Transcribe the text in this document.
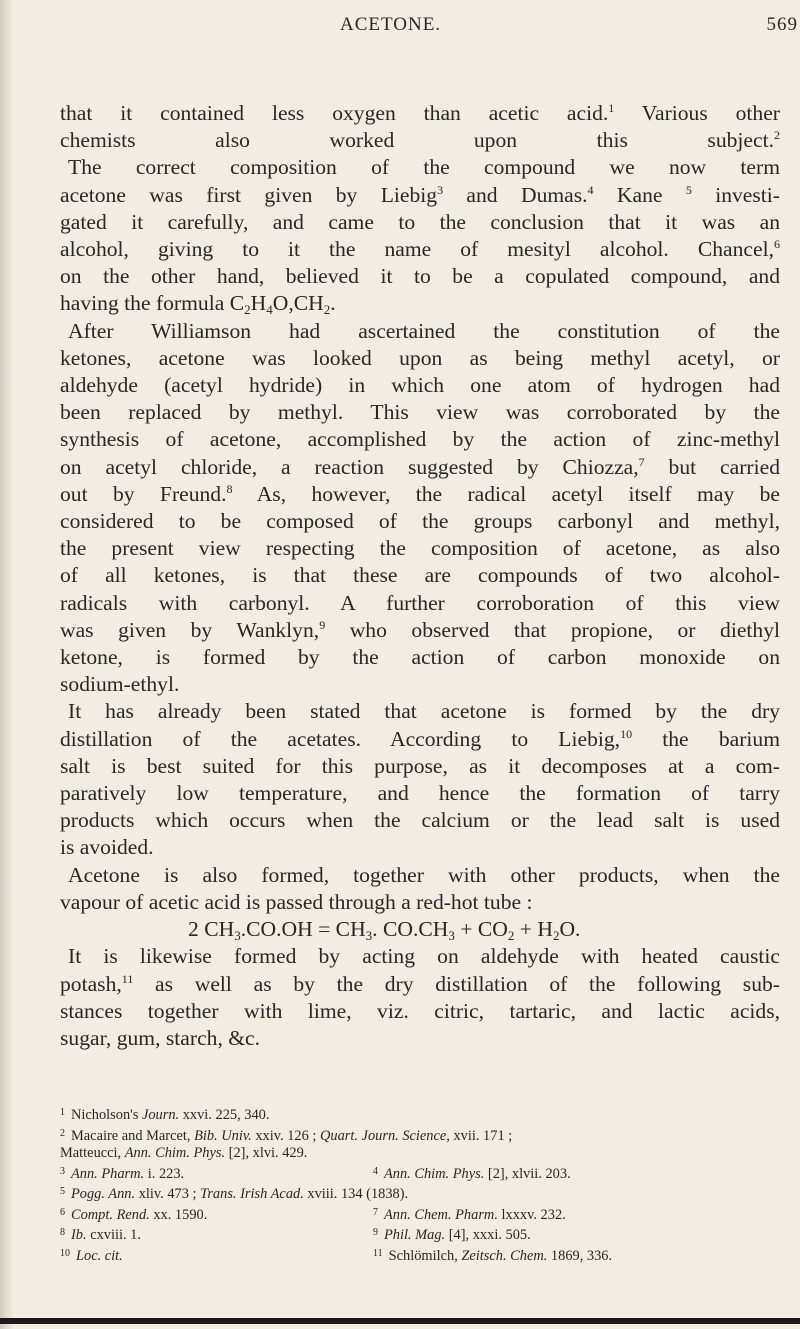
ACETONE.	569
that it contained less oxygen than acetic acid.$^1$ Various other
chemists also worked upon this subject.$^2$
The correct composition of the compound we now term
acetone was first given by Liebig$^3$ and Dumas.$^4$ Kane $^5$ investi-
gated it carefully, and came to the conclusion that it was an
alcohol, giving to it the name of mesityl alcohol. Chancel,$^6$
on the other hand, believed it to be a copulated compound, and
having the formula $C_2H_4O,CH_2$.
After Williamson had ascertained the constitution of the
ketones, acetone was looked upon as being methyl acetyl, or
aldehyde (acetyl hydride) in which one atom of hydrogen had
been replaced by methyl. This view was corroborated by the
synthesis of acetone, accomplished by the action of zinc-methyl
on acetyl chloride, a reaction suggested by Chiozza,$^7$ but carried
out by Freund.$^8$ As, however, the radical acetyl itself may be
considered to be composed of the groups carbonyl and methyl,
the present view respecting the composition of acetone, as also
of all ketones, is that these are compounds of two alcohol-
radicals with carbonyl. A further corroboration of this view
was given by Wanklyn,$^9$ who observed that propione, or diethyl
ketone, is formed by the action of carbon monoxide on
sodium-ethyl.
It has already been stated that acetone is formed by the dry
distillation of the acetates. According to Liebig,$^{10}$ the barium
salt is best suited for this purpose, as it decomposes at a com-
paratively low temperature, and hence the formation of tarry
products which occurs when the calcium or the lead salt is used
is avoided.
Acetone is also formed, together with other products, when the
vapour of acetic acid is passed through a red-hot tube :
2 $CH_3.CO.OH = CH_3$. $CO.CH_3 + CO_2 + H_2O$.
It is likewise formed by acting on aldehyde with heated caustic
potash,$^{11}$ as well as by the dry distillation of the following sub-
stances together with lime, viz. citric, tartaric, and lactic acids,
sugar, gum, starch, &c.
$^1$ Nicholson's Journ. xxvi. 225, 340.
$^2$ Macaire and Marcet, Bib. Univ. xxiv. 126 ; Quart. Journ. Science, xvii. 171 ;
Matteucci, Ann. Chim. Phys. [2], xlvi. 429.
$^3$ Ann. Pharm. i. 223.	$^4$ Ann. Chim. Phys. [2], xlvii. 203.
$^5$ Pogg. Ann. xliv. 473 ; Trans. Irish Acad. xviii. 134 (1838).
$^6$ Compt. Rend. xx. 1590.	$^7$ Ann. Chem. Pharm. lxxxv. 232.
$^8$ Ib. cxviii. 1.	$^9$ Phil. Mag. [4], xxxi. 505.
$^{10}$ Loc. cit.	$^{11}$ Schlömilch, Zeitsch. Chem. 1869, 336.
